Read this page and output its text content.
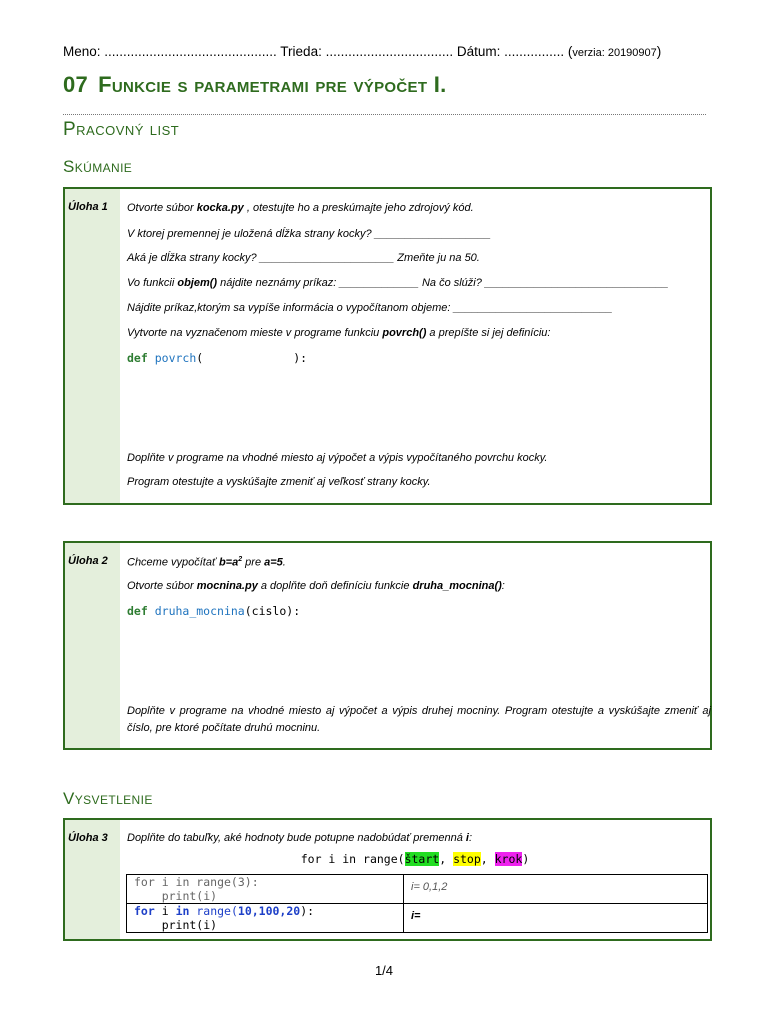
Meno: .............................................. Trieda: .................................. Dátum: ................ (verzia: 20190907)
07 Funkcie s parametrami pre výpočet I.
Pracovný list
Skúmanie
Úloha 1 Otvorte súbor kocka.py , otestujte ho a preskúmajte jeho zdrojový kód.
V ktorej premennej je uložená dĺžka strany kocky? ___________________
Aká je dĺžka strany kocky? ______________________ Zmeňte ju na 50.
Vo funkcii objem() nájdite neznámy príkaz: _____________ Na čo slúži? ______________________________
Nájdite príkaz,ktorým sa vypíše informácia o vypočítanom objeme: __________________________
Vytvorte na vyznačenom mieste v programe funkciu povrch() a prepíšte si jej definíciu:
def povrch(             ):
Doplňte v programe na vhodné miesto aj výpočet a výpis vypočítaného povrchu kocky.
Program otestujte a vyskúšajte zmeniť aj veľkosť strany kocky.
Úloha 2 Chceme vypočítať $b=a^2$ pre a=5.
Otvorte súbor mocnina.py a doplňte doň definíciu funkcie druha_mocnina():
def druha_mocnina(cislo):
Doplňte v programe na vhodné miesto aj výpočet a výpis druhej mocniny. Program otestujte a vyskúšajte zmeniť aj číslo, pre ktoré počítate druhú mocninu.
Vysvetlenie
Úloha 3 Doplňte do tabuľky, aké hodnoty bude potupne nadobúdať premenná i:
for i in range(štart, stop, krok)
for i in range(3):
print(i)	i= 0,1,2

for i in range(10,100,20):
print(i)	i=
1/4
